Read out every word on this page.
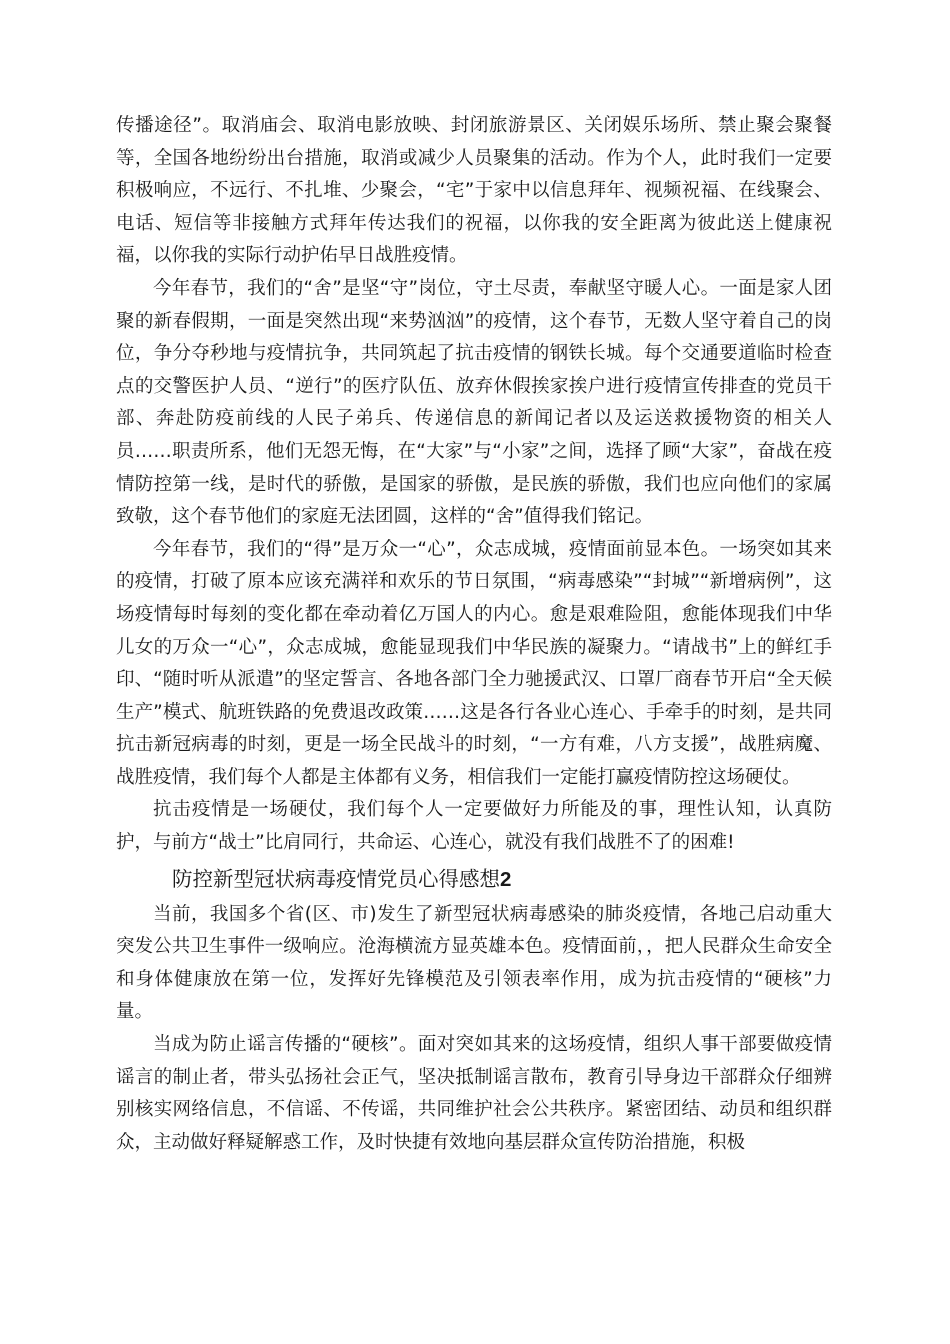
传播途径”。取消庙会、取消电影放映、封闭旅游景区、关闭娱乐场所、禁止聚会聚餐等，全国各地纷纷出台措施，取消或减少人员聚集的活动。作为个人，此时我们一定要积极响应，不远行、不扎堆、少聚会，“宅”于家中以信息拜年、视频祝福、在线聚会、电话、短信等非接触方式拜年传达我们的祝福，以你我的安全距离为彼此送上健康祝福，以你我的实际行动护佑早日战胜疫情。

今年春节，我们的“舍”是坚“守”岗位，守土尽责，奉献坚守暖人心。一面是家人团聚的新春假期，一面是突然出现“来势汹汹”的疫情，这个春节，无数人坚守着自己的岗位，争分夺秒地与疫情抗争，共同筑起了抗击疫情的钢铁长城。每个交通要道临时检查点的交警医护人员、“逆行”的医疗队伍、放弃休假挨家挨户进行疫情宣传排查的党员干部、奔赴防疫前线的人民子弟兵、传递信息的新闻记者以及运送救援物资的相关人员……职责所系，他们无怨无悔，在“大家”与“小家”之间，选择了顾“大家”，奋战在疫情防控第一线，是时代的骄傲，是国家的骄傲，是民族的骄傲，我们也应向他们的家属致敬，这个春节他们的家庭无法团圆，这样的“舍”值得我们铭记。

今年春节，我们的“得”是万众一“心”，众志成城，疫情面前显本色。一场突如其来的疫情，打破了原本应该充满祥和欢乐的节日氛围，“病毒感染”“封城”“新增病例”，这场疫情每时每刻的变化都在牵动着亿万国人的内心。愈是艰难险阻，愈能体现我们中华儿女的万众一“心”，众志成城，愈能显现我们中华民族的凝聚力。“请战书”上的鲜红手印、“随时听从派遣”的坚定誓言、各地各部门全力驰援武汉、口罩厂商春节开启“全天候生产”模式、航班铁路的免费退改政策……这是各行各业心连心、手牵手的时刻，是共同抗击新冠病毒的时刻，更是一场全民战斗的时刻，“一方有难，八方支援”，战胜病魔、战胜疫情，我们每个人都是主体都有义务，相信我们一定能打赢疫情防控这场硬仗。

抗击疫情是一场硬仗，我们每个人一定要做好力所能及的事，理性认知，认真防护，与前方“战士”比肩同行，共命运、心连心，就没有我们战胜不了的困难!

防控新型冠状病毒疫情党员心得感想2

当前，我国多个省(区、市)发生了新型冠状病毒感染的肺炎疫情，各地己启动重大突发公共卫生事件一级响应。沧海横流方显英雄本色。疫情面前，，把人民群众生命安全和身体健康放在第一位，发挥好先锋模范及引领表率作用，成为抗击疫情的“硬核”力量。

当成为防止谣言传播的“硬核”。面对突如其来的这场疫情，组织人事干部要做疫情谣言的制止者，带头弘扬社会正气，坚决抵制谣言散布，教育引导身边干部群众仔细辨别核实网络信息，不信谣、不传谣，共同维护社会公共秩序。紧密团结、动员和组织群众，主动做好释疑解惑工作，及时快捷有效地向基层群众宣传防治措施，积极
